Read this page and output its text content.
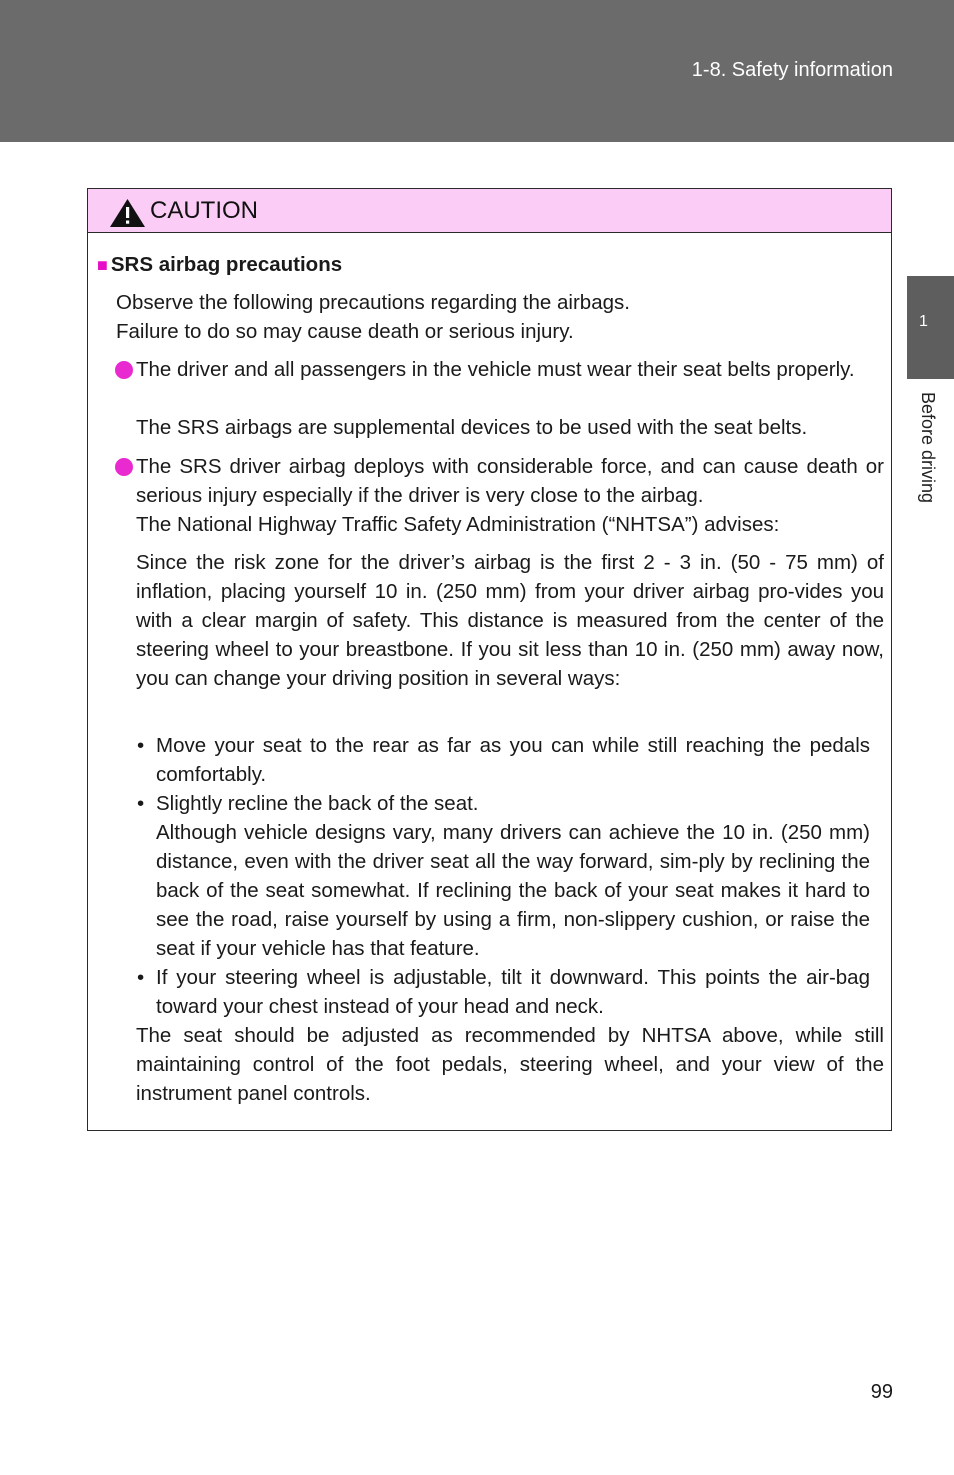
1-8. Safety information
1
Before driving
CAUTION
■ SRS airbag precautions
Observe the following precautions regarding the airbags.
Failure to do so may cause death or serious injury.
The driver and all passengers in the vehicle must wear their seat belts properly.
The SRS airbags are supplemental devices to be used with the seat belts.
The SRS driver airbag deploys with considerable force, and can cause death or serious injury especially if the driver is very close to the airbag.
The National Highway Traffic Safety Administration (“NHTSA”) advises:
Since the risk zone for the driver’s airbag is the first 2 - 3 in. (50 - 75 mm) of inflation, placing yourself 10 in. (250 mm) from your driver airbag pro-vides you with a clear margin of safety. This distance is measured from the center of the steering wheel to your breastbone. If you sit less than 10 in. (250 mm) away now, you can change your driving position in several ways:
• Move your seat to the rear as far as you can while still reaching the pedals comfortably.
• Slightly recline the back of the seat.
Although vehicle designs vary, many drivers can achieve the 10 in. (250 mm) distance, even with the driver seat all the way forward, sim-ply by reclining the back of the seat somewhat. If reclining the back of your seat makes it hard to see the road, raise yourself by using a firm, non-slippery cushion, or raise the seat if your vehicle has that feature.
• If your steering wheel is adjustable, tilt it downward. This points the air-bag toward your chest instead of your head and neck.
The seat should be adjusted as recommended by NHTSA above, while still maintaining control of the foot pedals, steering wheel, and your view of the instrument panel controls.
99
